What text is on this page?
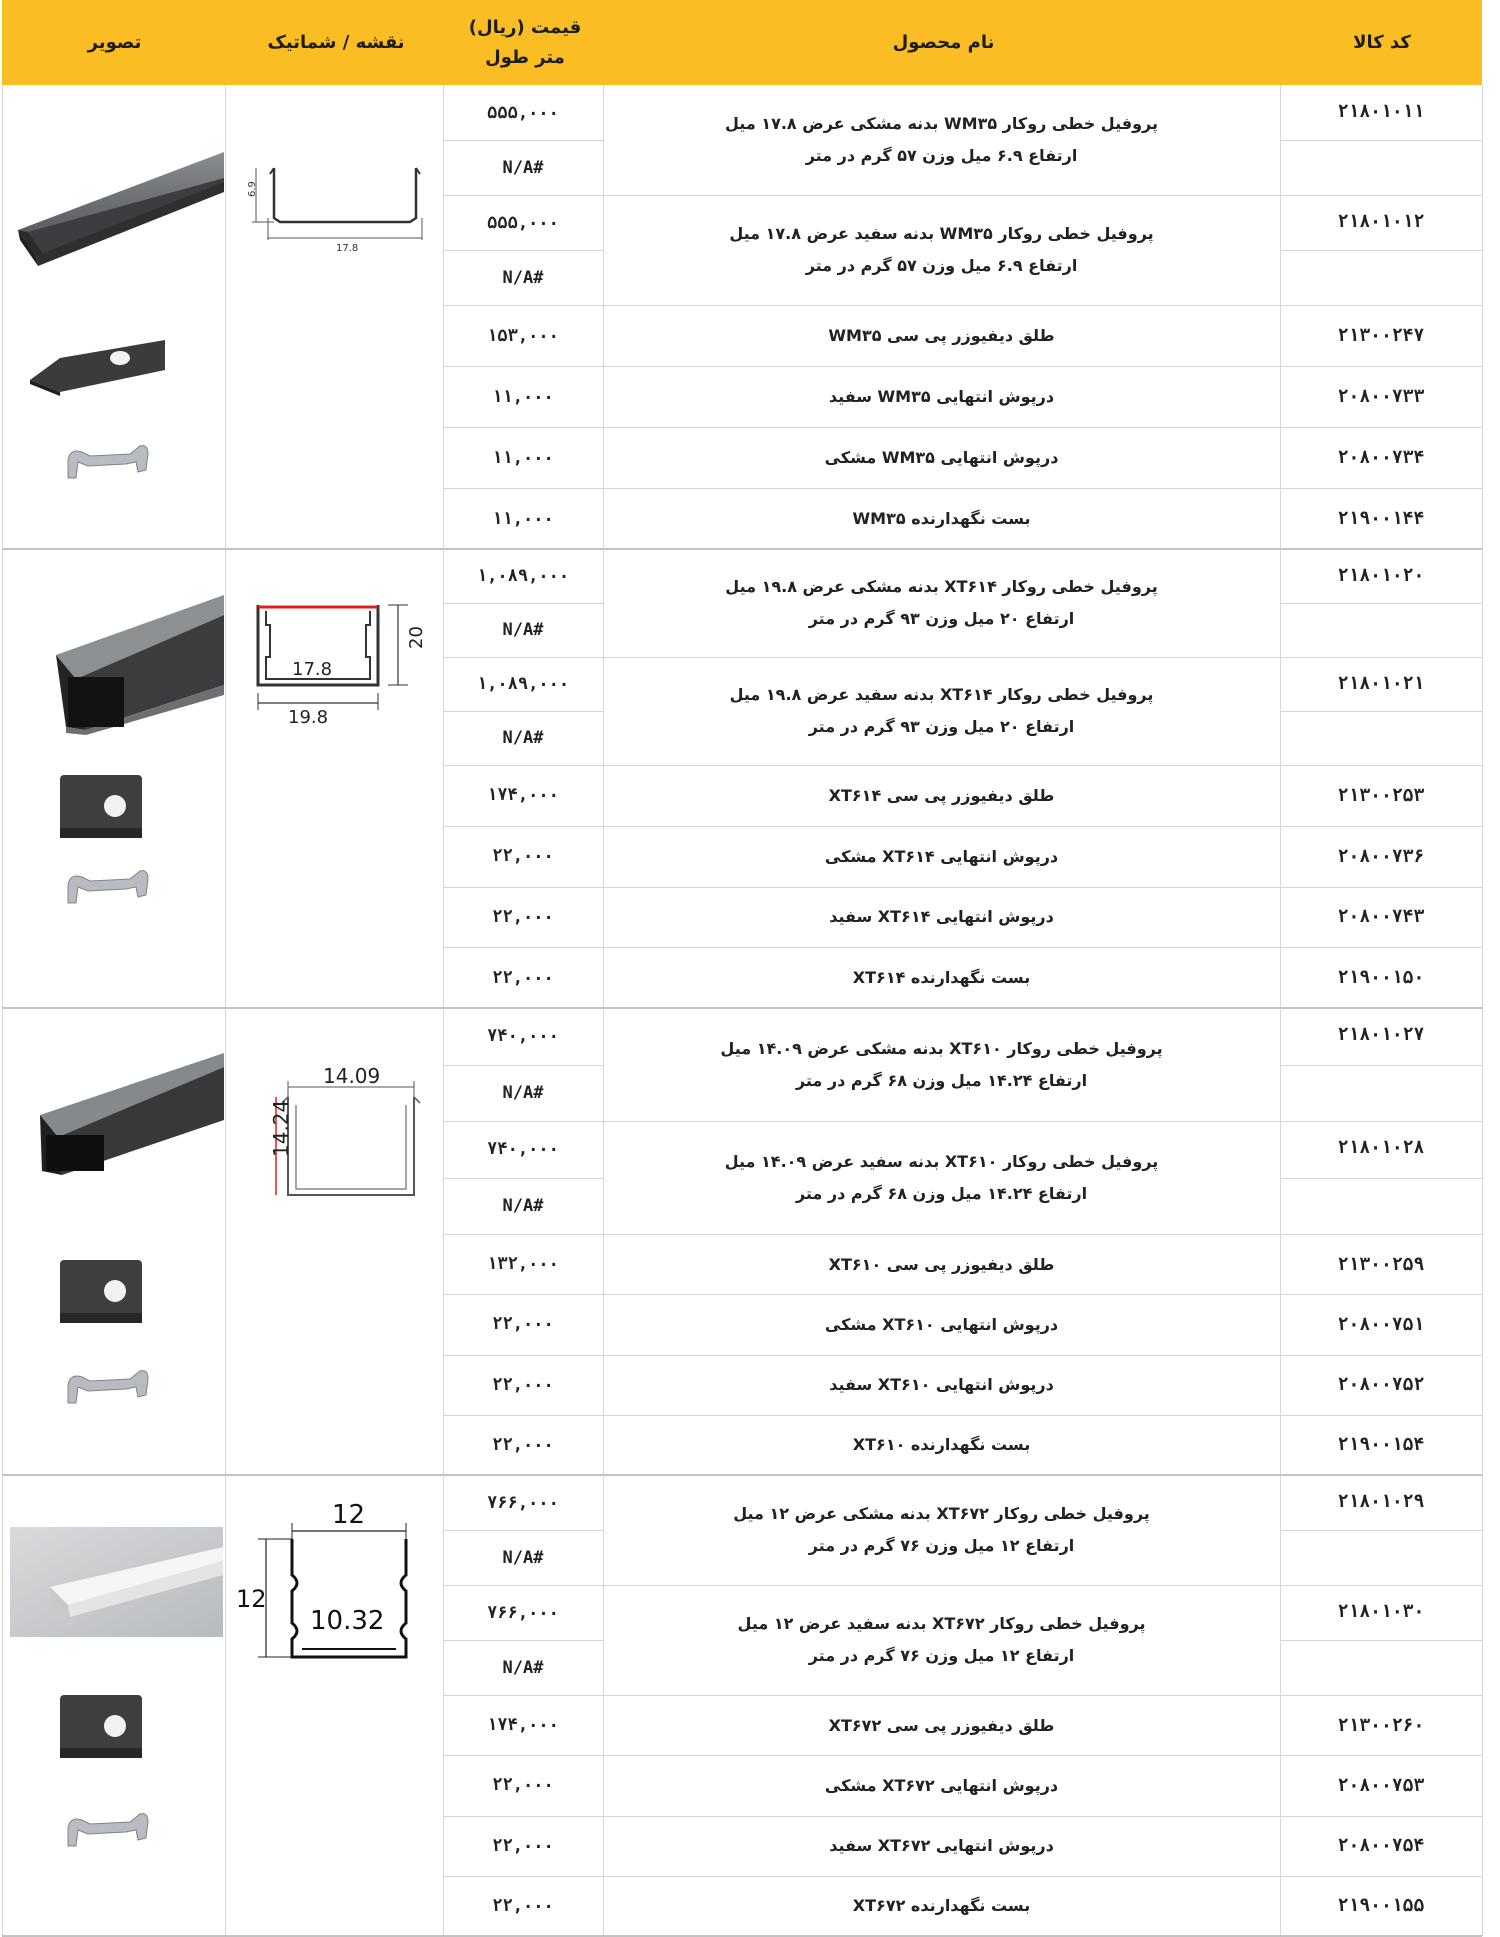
کد کالا
نام محصول
قیمت (ریال)
متر طول
نقشه / شماتیک
تصویر
۲۱۸۰۱۰۱۱
پروفیل خطی روکار WM۳۵ بدنه مشکی عرض ۱۷.۸ میل
ارتفاع ۶.۹ میل وزن ۵۷ گرم در متر
۵۵۵,۰۰۰
#N/A
۲۱۸۰۱۰۱۲
پروفیل خطی روکار WM۳۵ بدنه سفید عرض ۱۷.۸ میل
ارتفاع ۶.۹ میل وزن ۵۷ گرم در متر
۵۵۵,۰۰۰
#N/A
۲۱۳۰۰۲۴۷
طلق دیفیوزر پی سی WM۳۵
۱۵۳,۰۰۰
۲۰۸۰۰۷۳۳
درپوش انتهایی WM۳۵ سفید
۱۱,۰۰۰
۲۰۸۰۰۷۳۴
درپوش انتهایی WM۳۵ مشکی
۱۱,۰۰۰
۲۱۹۰۰۱۴۴
بست نگهدارنده WM۳۵
۱۱,۰۰۰
۲۱۸۰۱۰۲۰
پروفیل خطی روکار XT۶۱۴ بدنه مشکی عرض ۱۹.۸ میل
ارتفاع ۲۰ میل وزن ۹۳ گرم در متر
۱,۰۸۹,۰۰۰
#N/A
۲۱۸۰۱۰۲۱
پروفیل خطی روکار XT۶۱۴ بدنه سفید عرض ۱۹.۸ میل
ارتفاع ۲۰ میل وزن ۹۳ گرم در متر
۱,۰۸۹,۰۰۰
#N/A
۲۱۳۰۰۲۵۳
طلق دیفیوزر پی سی XT۶۱۴
۱۷۴,۰۰۰
۲۰۸۰۰۷۳۶
درپوش انتهایی XT۶۱۴ مشکی
۲۲,۰۰۰
۲۰۸۰۰۷۴۳
درپوش انتهایی XT۶۱۴ سفید
۲۲,۰۰۰
۲۱۹۰۰۱۵۰
بست نگهدارنده XT۶۱۴
۲۲,۰۰۰
۲۱۸۰۱۰۲۷
پروفیل خطی روکار XT۶۱۰ بدنه مشکی عرض ۱۴.۰۹ میل
ارتفاع ۱۴.۲۴ میل وزن ۶۸ گرم در متر
۷۴۰,۰۰۰
#N/A
۲۱۸۰۱۰۲۸
پروفیل خطی روکار XT۶۱۰ بدنه سفید عرض ۱۴.۰۹ میل
ارتفاع ۱۴.۲۴ میل وزن ۶۸ گرم در متر
۷۴۰,۰۰۰
#N/A
۲۱۳۰۰۲۵۹
طلق دیفیوزر پی سی XT۶۱۰
۱۳۲,۰۰۰
۲۰۸۰۰۷۵۱
درپوش انتهایی XT۶۱۰ مشکی
۲۲,۰۰۰
۲۰۸۰۰۷۵۲
درپوش انتهایی XT۶۱۰ سفید
۲۲,۰۰۰
۲۱۹۰۰۱۵۴
بست نگهدارنده XT۶۱۰
۲۲,۰۰۰
۲۱۸۰۱۰۲۹
پروفیل خطی روکار XT۶۷۲ بدنه مشکی عرض ۱۲ میل
ارتفاع ۱۲ میل وزن ۷۶ گرم در متر
۷۶۶,۰۰۰
#N/A
۲۱۸۰۱۰۳۰
پروفیل خطی روکار XT۶۷۲ بدنه سفید عرض ۱۲ میل
ارتفاع ۱۲ میل وزن ۷۶ گرم در متر
۷۶۶,۰۰۰
#N/A
۲۱۳۰۰۲۶۰
طلق دیفیوزر پی سی XT۶۷۲
۱۷۴,۰۰۰
۲۰۸۰۰۷۵۳
درپوش انتهایی XT۶۷۲ مشکی
۲۲,۰۰۰
۲۰۸۰۰۷۵۴
درپوش انتهایی XT۶۷۲ سفید
۲۲,۰۰۰
۲۱۹۰۰۱۵۵
بست نگهدارنده XT۶۷۲
۲۲,۰۰۰
17.8
6.9
17.8
19.8
20
14.09
14.24
12
12
10.32
